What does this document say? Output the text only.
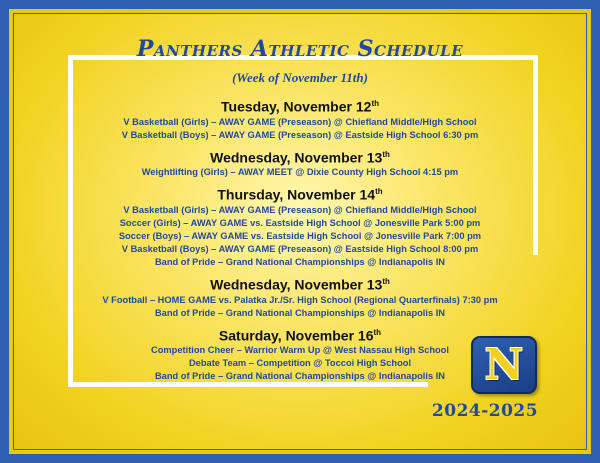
Panthers Athletic Schedule
(Week of November 11th)
Tuesday, November 12th
V Basketball (Girls) – AWAY GAME (Preseason) @ Chiefland Middle/High School
V Basketball (Boys) – AWAY GAME (Preseason) @ Eastside High School 6:30 pm
Wednesday, November 13th
Weightlifting (Girls) – AWAY MEET @ Dixie County High School 4:15 pm
Thursday, November 14th
V Basketball (Girls) – AWAY GAME (Preseason) @ Chiefland Middle/High School
Soccer (Girls) – AWAY GAME vs. Eastside High School @ Jonesville Park 5:00 pm
Soccer (Boys) – AWAY GAME vs. Eastside High School @ Jonesville Park 7:00 pm
V Basketball (Boys) – AWAY GAME (Preseason) @ Eastside High School 8:00 pm
Band of Pride – Grand National Championships @ Indianapolis IN
Wednesday, November 13th
V Football – HOME GAME vs. Palatka Jr./Sr. High School (Regional Quarterfinals) 7:30 pm
Band of Pride – Grand National Championships @ Indianapolis IN
Saturday, November 16th
Competition Cheer – Warrior Warm Up @ West Nassau High School
Debate Team – Competition @ Toccoi High School
Band of Pride – Grand National Championships @ Indianapolis IN N
2024-2025
